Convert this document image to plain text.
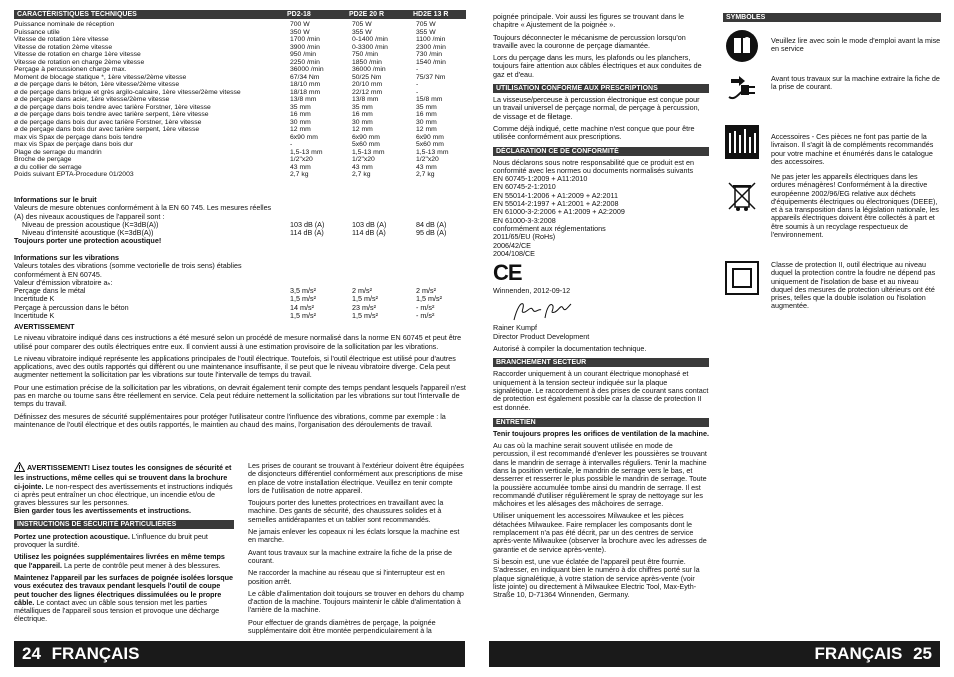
CARACTÉRISTIQUES TECHNIQUES	PD2-18	PD2E 20 R	HD2E 13 R
Puissance nominale de réception	700 W	705 W	705 W
Puissance utile	350 W	355 W	355 W
Vitesse de rotation 1ère vitesse	1700 /min	0-1400 /min	1100 /min
Vitesse de rotation 2ème vitesse	3900 /min	0-3300 /min	2300 /min
Vitesse de rotation en charge 1ère vitesse	950 /min	750 /min	730 /min
Vitesse de rotation en charge 2ème vitesse	2250 /min	1850 /min	1540 /min
Perçage à percussionen charge max.	36000 /min	36000 /min	-
Moment de blocage statique *, 1ère vitesse/2ème vitesse	67/34 Nm	50/25 Nm	75/37 Nm
ø de perçage dans le béton, 1ère vitesse/2ème vitesse	18/10 mm	20/10 mm	-
ø de perçage dans brique et grès argilo-calcaire, 1ère vitesse/2ème vitesse	18/18 mm	22/12 mm	-
ø de perçage dans acier, 1ère vitesse/2ème vitesse	13/8 mm	13/8 mm	15/8 mm
ø de perçage dans bois tendre avec tarière Forstner, 1ère vitesse	35 mm	35 mm	35 mm
ø de perçage dans bois tendre avec tarière serpent, 1ère vitesse	16 mm	16 mm	16 mm
ø de perçage dans bois dur avec tarière Forstner, 1ère vitesse	30 mm	30 mm	30 mm
ø de perçage dans bois dur avec tarière serpent, 1ère vitesse	12 mm	12 mm	12 mm
max vis Spax de perçage dans bois tendre	6x90 mm	6x90 mm	6x90 mm
max vis Spax de perçage dans bois dur	-	5x60 mm	5x60 mm
Plage de serrage du mandrin	1,5-13 mm	1,5-13 mm	1,5-13 mm
Broche de perçage	1/2"x20	1/2"x20	1/2"x20
ø du collier de serrage	43 mm	43 mm	43 mm
Poids suivant EPTA-Procedure 01/2003	2,7 kg	2,7 kg	2,7 kg
Informations sur le bruit
Valeurs de mesure obtenues conformément à la EN 60 745. Les mesures réelles (A) des niveaux acoustiques de l'appareil sont :
Niveau de pression acoustique (K=3dB(A))	103 dB (A)	103 dB (A)	84 dB (A)
Niveau d'intensité acoustique (K=3dB(A))	114 dB (A)	114 dB (A)	95 dB (A)
Toujours porter une protection acoustique!
Informations sur les vibrations
Valeurs totales des vibrations (somme vectorielle de trois sens) établies conformément à EN 60745.
Valeur d'émission vibratoire aₕ:
Perçage dans le métal	3,5 m/s²	2 m/s²	2 m/s²
Incertitude K	1,5 m/s²	1,5 m/s²	1,5 m/s²
Perçage à percussion dans le béton	14 m/s²	23 m/s²	- m/s²
Incertitude K	1,5 m/s²	1,5 m/s²	- m/s²
AVERTISSEMENT

Le niveau vibratoire indiqué dans ces instructions a été mesuré selon un procédé de mesure normalisé dans la norme EN 60745 et peut être utilisé pour comparer des outils électriques entre eux. Il convient aussi à une estimation provisoire de la sollicitation par les vibrations.

Le niveau vibratoire indiqué représente les applications principales de l'outil électrique. Toutefois, si l'outil électrique est utilisé pour d'autres applications, avec des outils rapportés qui diffèrent ou une maintenance insuffisante, il se peut que le niveau vibratoire diverge. Cela peut augmenter nettement la sollicitation par les vibrations sur toute l'intervalle de temps du travail.

Pour une estimation précise de la sollicitation par les vibrations, on devrait également tenir compte des temps pendant lesquels l'appareil n'est pas en marche ou tourne sans être réellement en service. Cela peut réduire nettement la sollicitation par les vibrations sur tout l'intervalle de temps du travail.

Définissez des mesures de sécurité supplémentaires pour protéger l'utilisateur contre l'influence des vibrations, comme par exemple : la maintenance de l'outil électrique et des outils rapportés, le maintien au chaud des mains, l'organisation des déroulements de travail.

AVERTISSEMENT! Lisez toutes les consignes de sécurité et les instructions, même celles qui se trouvent dans la brochure ci-jointe. Le non-respect des avertissements et instructions indiqués ci après peut entraîner un choc électrique, un incendie et/ou de graves blessures sur les personnes.

Bien garder tous les avertissements et instructions.
INSTRUCTIONS DE SÉCURITÉ PARTICULIÈRES

Portez une protection acoustique. L'influence du bruit peut provoquer la surdité.

Utilisez les poignées supplémentaires livrées en même temps que l'appareil. La perte de contrôle peut mener à des blessures.

Maintenez l'appareil par les surfaces de poignée isolées lorsque vous exécutez des travaux pendant lesquels l'outil de coupe peut toucher des lignes électriques dissimulées ou le propre câble. Le contact avec un câble sous tension met les parties métalliques de l'appareil sous tension et provoque une décharge électrique.

Les prises de courant se trouvant à l'extérieur doivent être équipées de disjoncteurs différentiel conformément aux prescriptions de mise en place de votre installation électrique. Veuillez en tenir compte lors de l'utilisation de notre appareil.

Toujours porter des lunettes protectrices en travaillant avec la machine. Des gants de sécurité, des chaussures solides et à semelles antidérapantes et un tablier sont recommandés.

Ne jamais enlever les copeaux ni les éclats lorsque la machine est en marche.

Avant tous travaux sur la machine extraire la fiche de la prise de courant.

Ne raccorder la machine au réseau que si l'interrupteur est en position arrêt.

Le câble d'alimentation doit toujours se trouver en dehors du champ d'action de la machine. Toujours maintenir le câble d'alimentation à l'arrière de la machine.

Pour effectuer de grands diamètres de perçage, la poignée supplémentaire doit être montée perpendiculairement à la

24 FRANÇAIS

poignée principale. Voir aussi les figures se trouvant dans le chapitre « Ajustement de la poignée ».

Toujours déconnecter le mécanisme de percussion lorsqu'on travaille avec la couronne de perçage diamantée.

Lors du perçage dans les murs, les plafonds ou les planchers, toujours faire attention aux câbles électriques et aux conduites de gaz et d'eau.

UTILISATION CONFORME AUX PRESCRIPTIONS

La visseuse/perceuse à percussion électronique est conçue pour un travail universel de perçage normal, de perçage à percussion, de vissage et de filetage.

Comme déjà indiqué, cette machine n'est conçue que pour être utilisée conformément aux prescriptions.

DÉCLARATION CE DE CONFORMITÉ
Nous déclarons sous notre responsabilité que ce produit est en conformité avec les normes ou documents normalisés suivants
EN 60745-1:2009 + A11:2010
EN 60745-2-1:2010
EN 55014-1:2006 + A1:2009 + A2:2011
EN 55014-2:1997 + A1:2001 + A2:2008
EN 61000-3-2:2006 + A1:2009 + A2:2009
EN 61000-3-3:2008
conformément aux réglementations
2011/65/EU (RoHs)
2006/42/CE
2004/108/CE
CE
Winnenden, 2012-09-12
Rainer Kumpf
Director Product Development

Autorisé à compiler la documentation technique.

BRANCHEMENT SECTEUR

Raccorder uniquement à un courant électrique monophasé et uniquement à la tension secteur indiquée sur la plaque signalétique. Le raccordement à des prises de courant sans contact de protection est également possible car la classe de protection II est donnée.

ENTRETIEN

Tenir toujours propres les orifices de ventilation de la machine.

Au cas où la machine serait souvent utilisée en mode de percussion, il est recommandé d'enlever les poussières se trouvant dans le mandrin de serrage à intervalles réguliers. Tenir la machine dans la position verticale, le mandrin de serrage vers le bas, et desserrer et resserrer le plus possible le mandrin de serrage. Toute la poussière accumulée tombe ainsi du mandrin de serrage. Il est recommandé d'utiliser régulièrement le spray de nettoyage sur les mâchoires et les alésages des mâchoires de serrage.

Utiliser uniquement les accessoires Milwaukee et les pièces détachées Milwaukee. Faire remplacer les composants dont le remplacement n'a pas été décrit, par un des centres de service après-vente Milwaukee (observer la brochure avec les adresses de garantie et de service après-vente).

Si besoin est, une vue éclatée de l'appareil peut être fournie. S'adresser, en indiquant bien le numéro à dix chiffres porté sur la plaque signalétique, à votre station de service après-vente (voir liste jointe) ou directement à Milwaukee Electric Tool, Max-Eyth-Straße 10, D-71364 Winnenden, Germany.

SYMBOLES
Veuillez lire avec soin le mode d'emploi avant la mise en service
Avant tous travaux sur la machine extraire la fiche de la prise de courant.
Accessoires - Ces pièces ne font pas partie de la livraison. Il s'agit là de compléments recommandés pour votre machine et énumérés dans le catalogue des accessoires.
Ne pas jeter les appareils électriques dans les ordures ménagères! Conformément à la directive européenne 2002/96/EG relative aux déchets d'équipements électriques ou électroniques (DEEE), et à sa transposition dans la législation nationale, les appareils électriques doivent être collectés à part et être soumis à un recyclage respectueux de l'environnement.
Classe de protection II, outil électrique au niveau duquel la protection contre la foudre ne dépend pas uniquement de l'isolation de base et au niveau duquel des mesures de protection ultérieurs ont été prises, telles que la double isolation ou l'isolation augmentée.
FRANÇAIS 25
